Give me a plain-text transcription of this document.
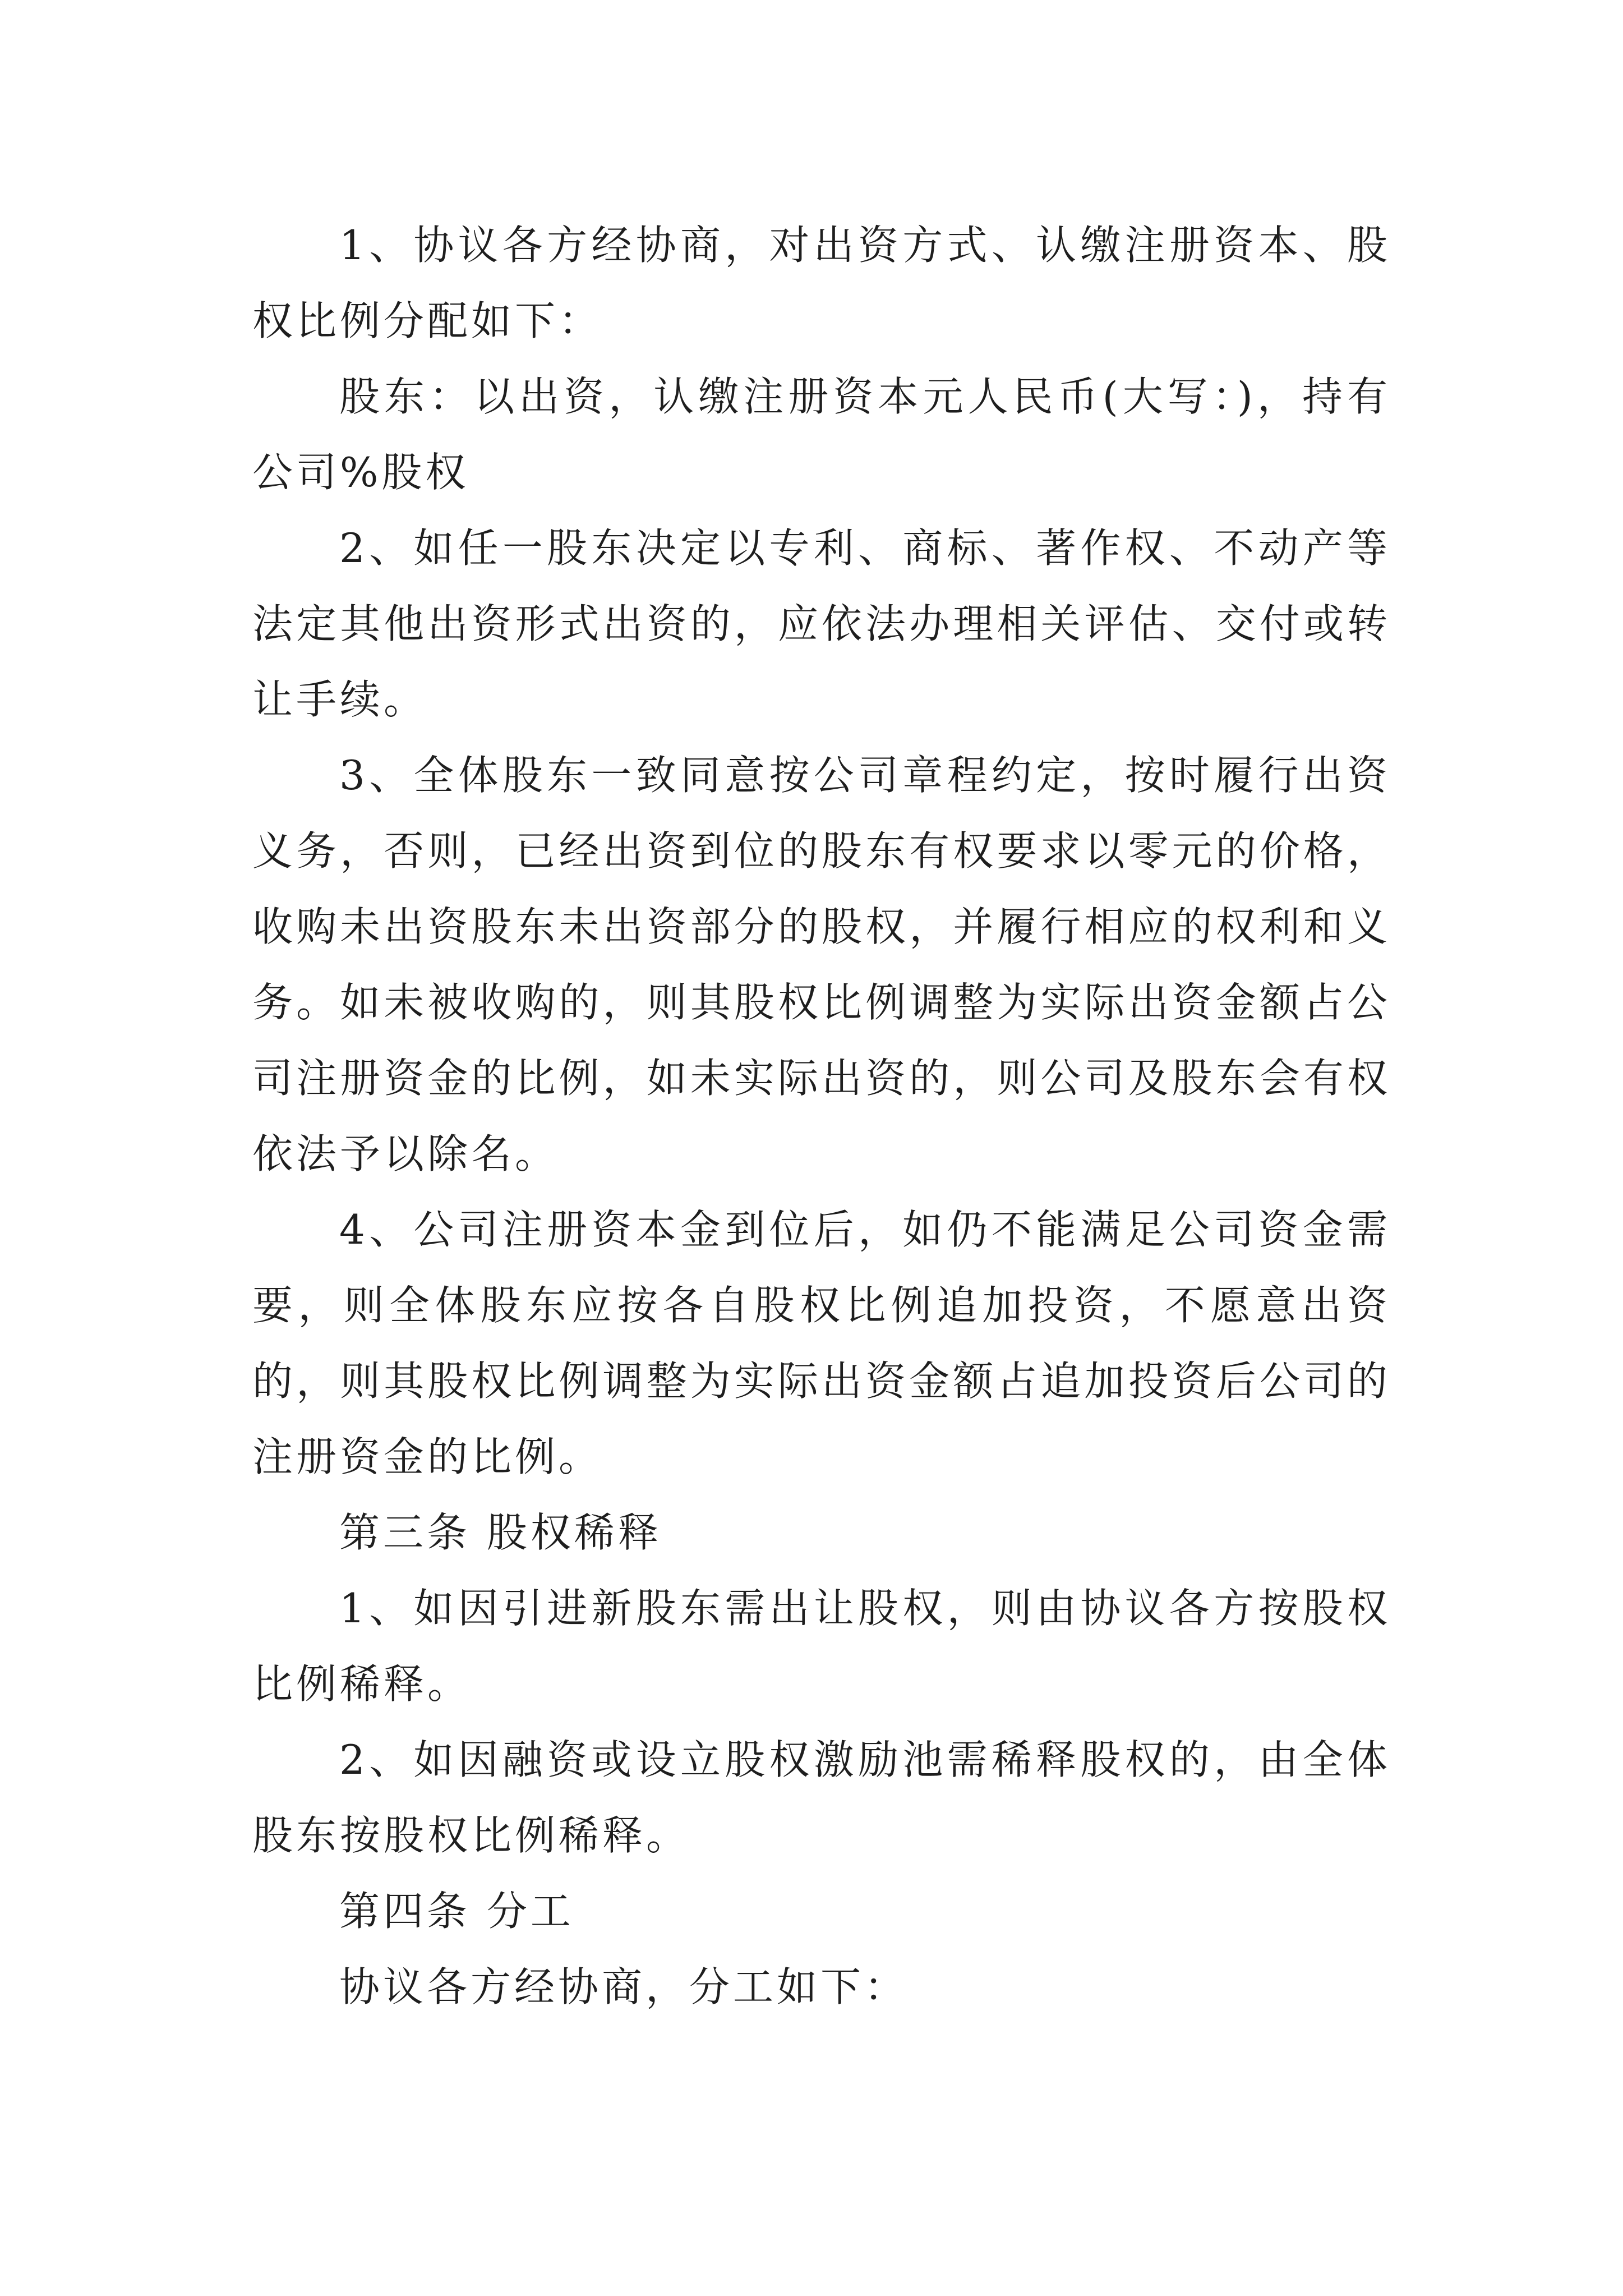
1、协议各方经协商，对出资方式、认缴注册资本、股权比例分配如下：

股东：以出资，认缴注册资本元人民币(大写：)，持有公司%股权

2、如任一股东决定以专利、商标、著作权、不动产等法定其他出资形式出资的，应依法办理相关评估、交付或转让手续。

3、全体股东一致同意按公司章程约定，按时履行出资义务，否则，已经出资到位的股东有权要求以零元的价格，收购未出资股东未出资部分的股权，并履行相应的权利和义务。如未被收购的，则其股权比例调整为实际出资金额占公司注册资金的比例，如未实际出资的，则公司及股东会有权依法予以除名。

4、公司注册资本金到位后，如仍不能满足公司资金需要，则全体股东应按各自股权比例追加投资，不愿意出资的，则其股权比例调整为实际出资金额占追加投资后公司的注册资金的比例。

第三条 股权稀释

1、如因引进新股东需出让股权，则由协议各方按股权比例稀释。

2、如因融资或设立股权激励池需稀释股权的，由全体股东按股权比例稀释。

第四条 分工

协议各方经协商，分工如下：
